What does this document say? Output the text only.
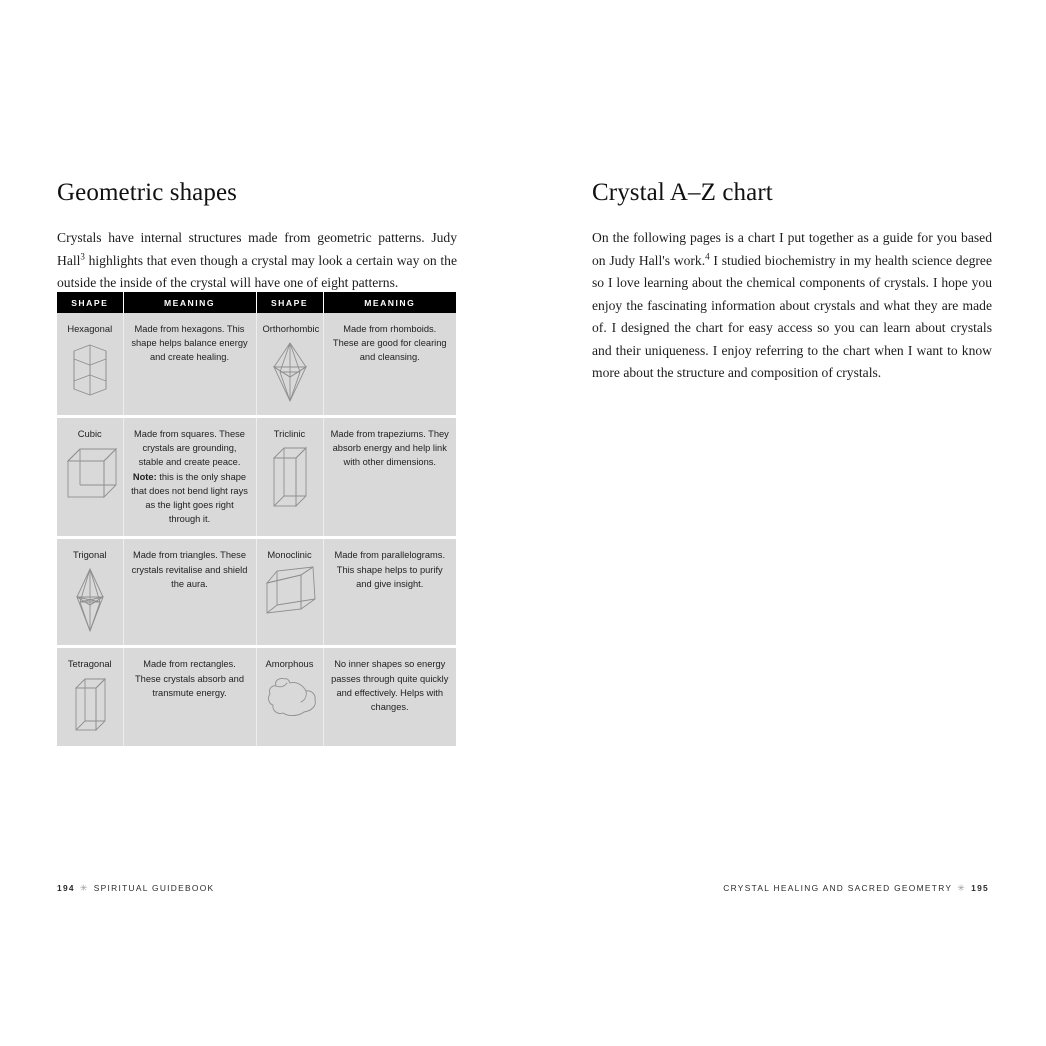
Geometric shapes

Crystals have internal structures made from geometric patterns. Judy Hall$^3$ highlights that even though a crystal may look a certain way on the outside the inside of the crystal will have one of eight patterns.

SHAPE	MEANING	SHAPE	MEANING

Hexagonal	Made from hexagons. This shape helps balance energy and create healing.	Orthorhombic	Made from rhomboids. These are good for clearing and cleansing.

Cubic	Made from squares. These crystals are grounding, stable and create peace. Note: this is the only shape that does not bend light rays as the light goes right through it.	Triclinic	Made from trapeziums. They absorb energy and help link with other dimensions.

Trigonal	Made from triangles. These crystals revitalise and shield the aura.	Monoclinic	Made from parallelograms. This shape helps to purify and give insight.

Tetragonal	Made from rectangles. These crystals absorb and transmute energy.	Amorphous	No inner shapes so energy passes through quite quickly and effectively. Helps with changes.
194 ✳ SPIRITUAL GUIDEBOOK
Crystal A–Z chart

On the following pages is a chart I put together as a guide for you based on Judy Hall's work.$^4$ I studied biochemistry in my health science degree so I love learning about the chemical components of crystals. I hope you enjoy the fascinating information about crystals and what they are made of. I designed the chart for easy access so you can learn about crystals and their uniqueness. I enjoy referring to the chart when I want to know more about the structure and composition of crystals.

CRYSTAL HEALING AND SACRED GEOMETRY ✳ 195
